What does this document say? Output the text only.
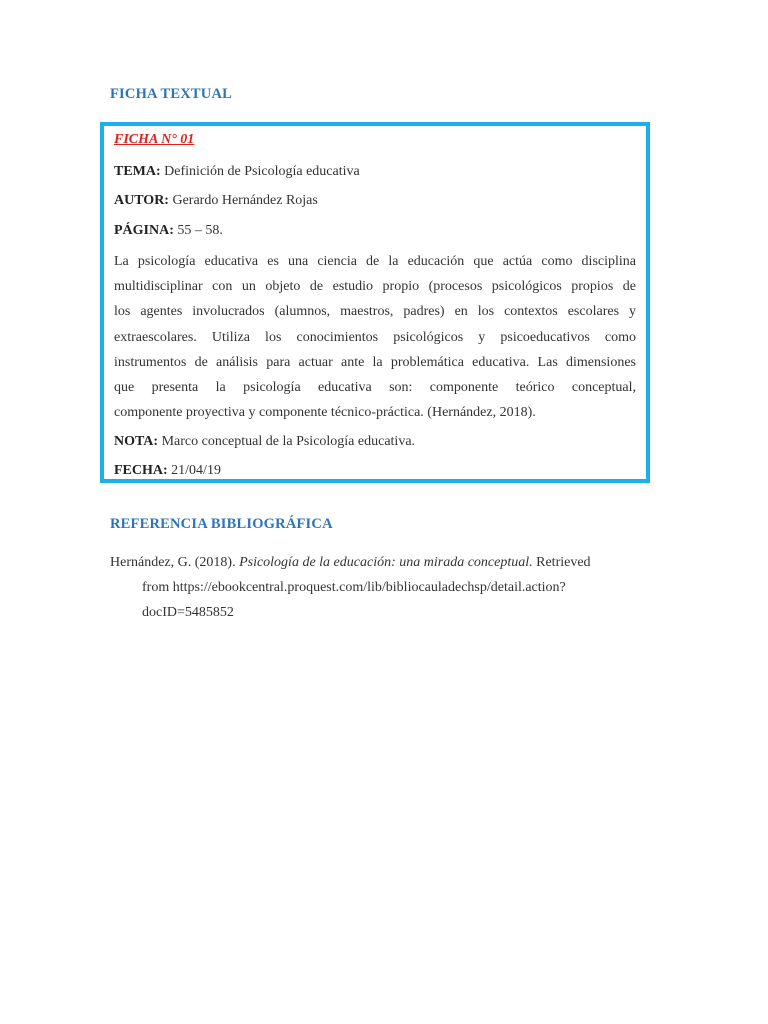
FICHA TEXTUAL
FICHA N° 01
TEMA: Definición de Psicología educativa
AUTOR: Gerardo Hernández Rojas
PÁGINA: 55 – 58.
La psicología educativa es una ciencia de la educación que actúa como disciplina
multidisciplinar con un objeto de estudio propio (procesos psicológicos propios de
los agentes involucrados (alumnos, maestros, padres) en los contextos escolares y
extraescolares. Utiliza los conocimientos psicológicos y psicoeducativos como
instrumentos de análisis para actuar ante la problemática educativa. Las dimensiones
que presenta la psicología educativa son: componente teórico conceptual,
componente proyectiva y componente técnico-práctica. (Hernández, 2018).
NOTA: Marco conceptual de la Psicología educativa.
FECHA: 21/04/19
REFERENCIA BIBLIOGRÁFICA
Hernández, G. (2018). Psicología de la educación: una mirada conceptual. Retrieved
from https://ebookcentral.proquest.com/lib/bibliocauladechsp/detail.action?
docID=5485852
